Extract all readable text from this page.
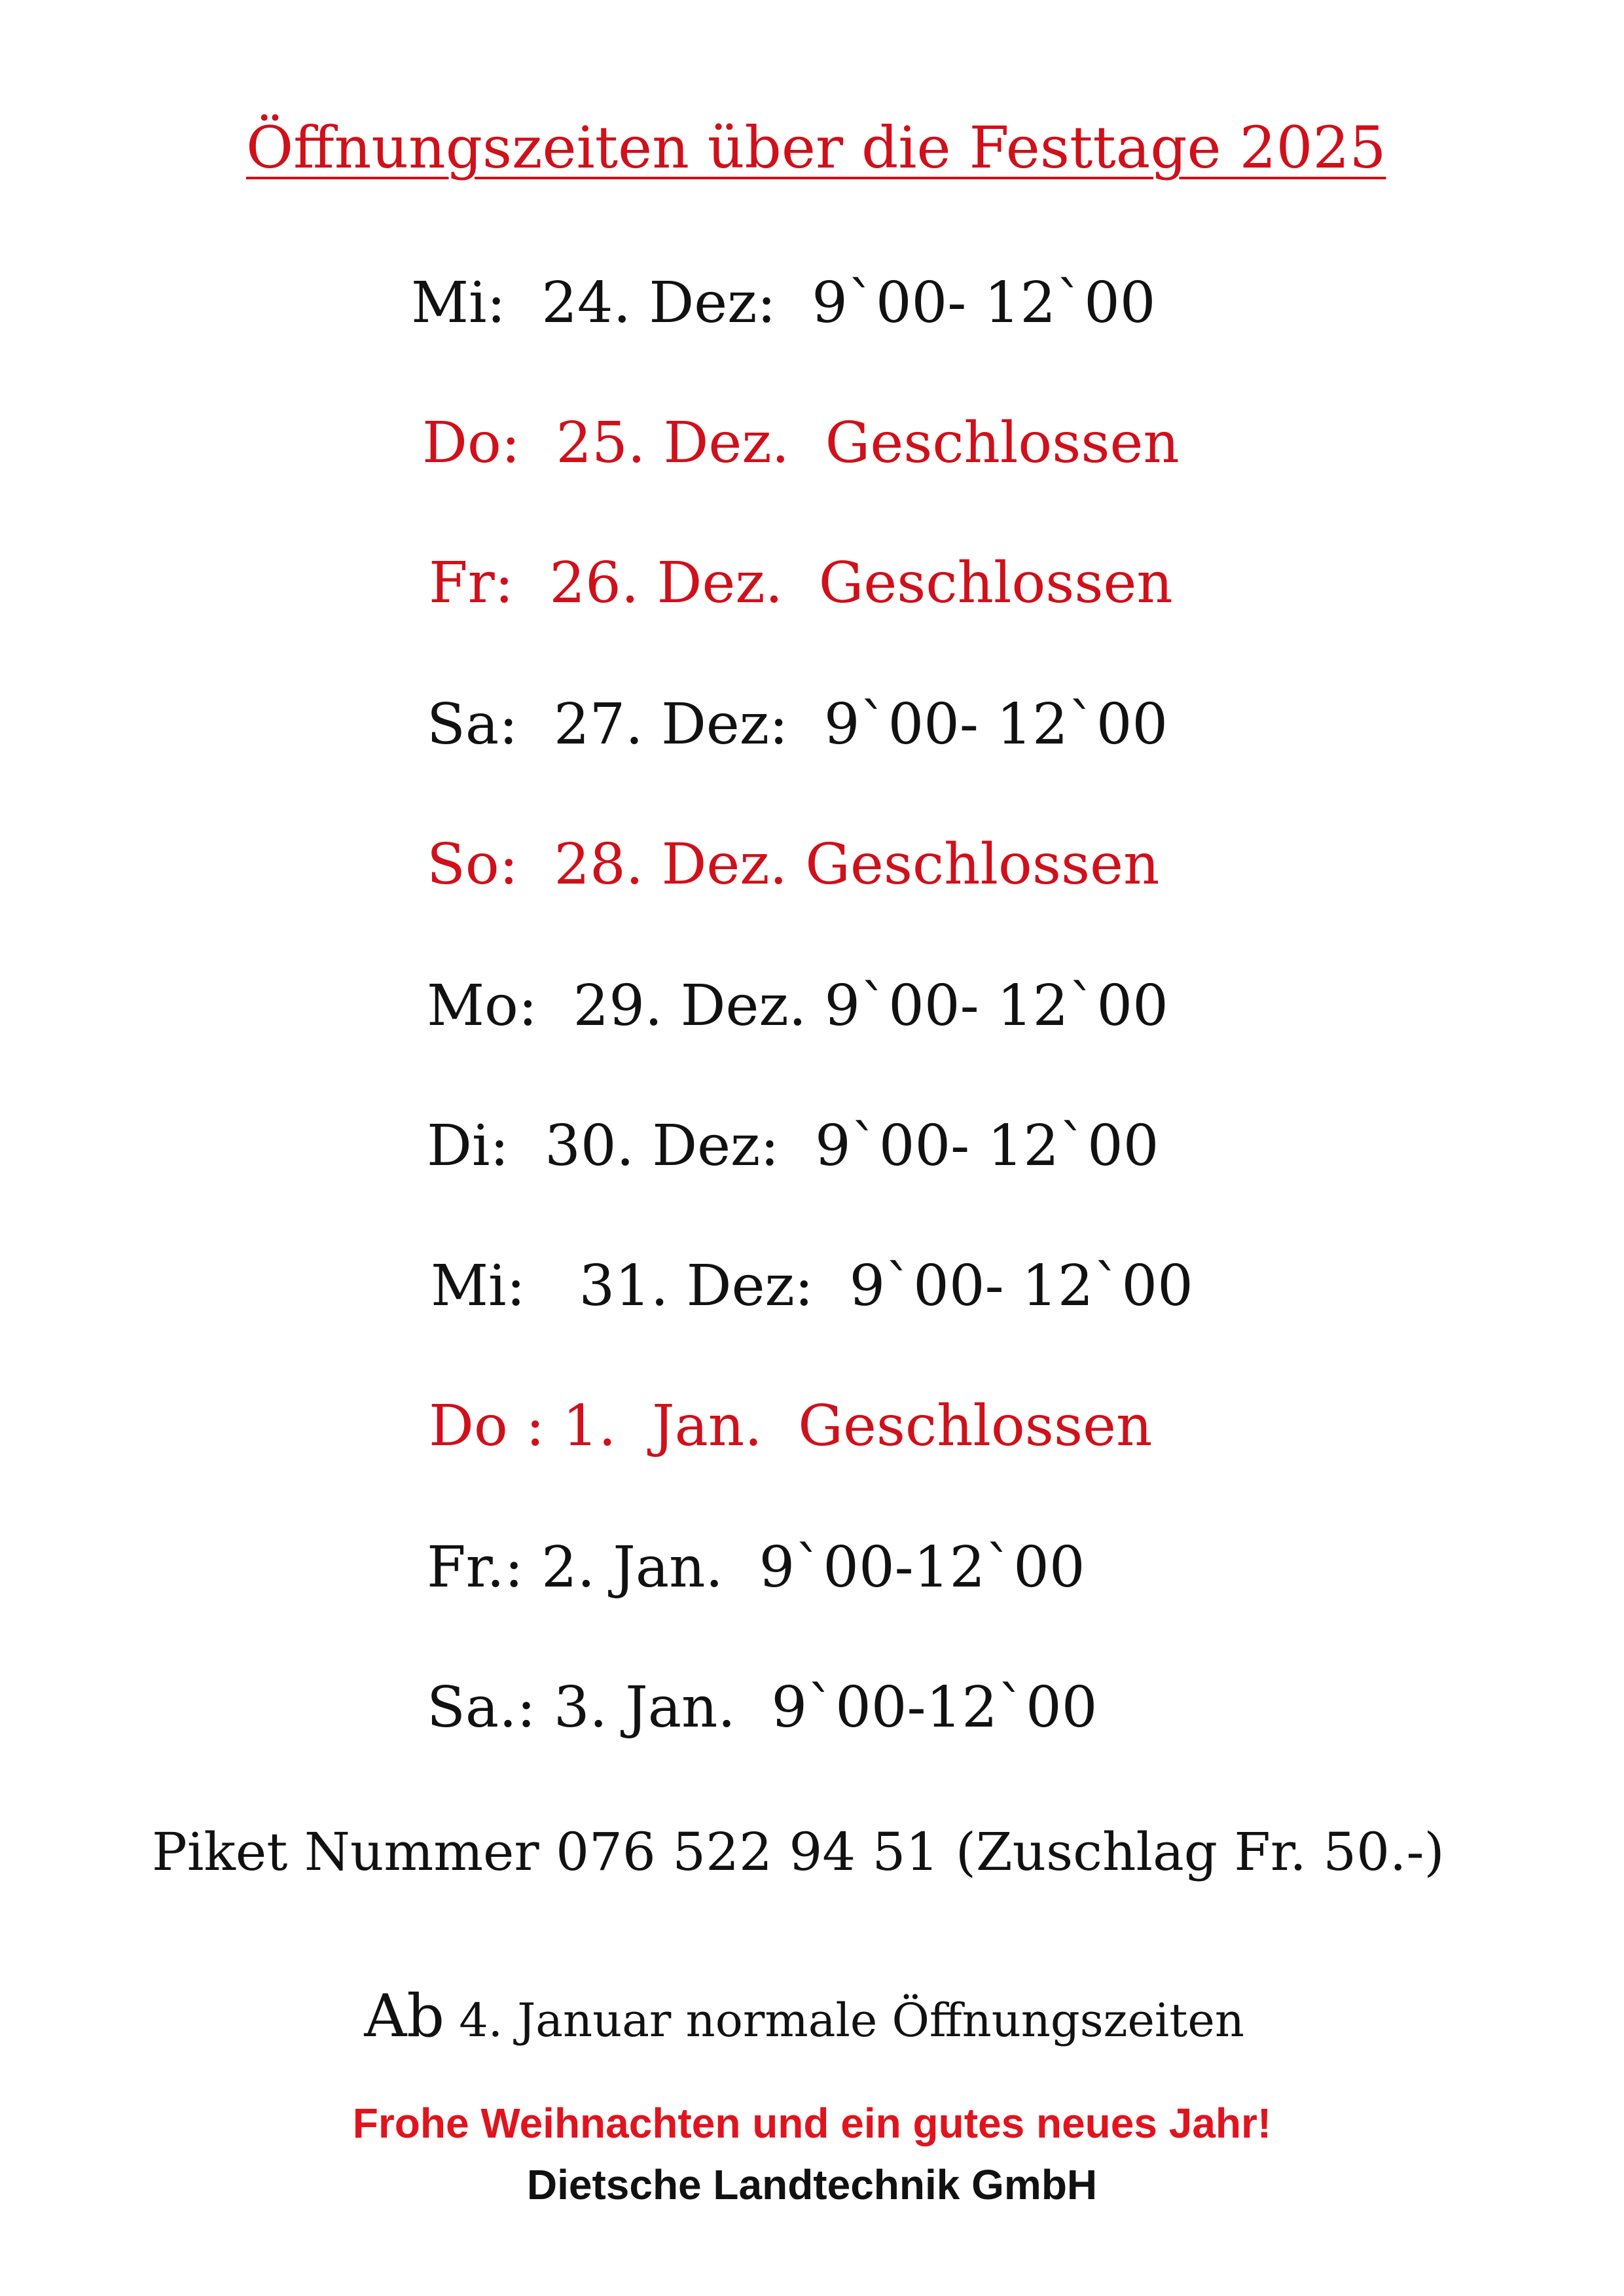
Öffnungszeiten über die Festtage 2025
Mi:  24. Dez:  9`00- 12`00
Do:  25. Dez.  Geschlossen
Fr:  26. Dez.  Geschlossen
Sa:  27. Dez:  9`00- 12`00
So:  28. Dez. Geschlossen
Mo:  29. Dez. 9`00- 12`00
Di:  30. Dez:  9`00- 12`00
Mi:   31. Dez:  9`00- 12`00
Do : 1.  Jan.  Geschlossen
Fr.: 2. Jan.  9`00-12`00
Sa.: 3. Jan.  9`00-12`00
Piket Nummer 076 522 94 51 (Zuschlag Fr. 50.-)

Ab 4. Januar normale Öffnungszeiten

Frohe Weihnachten und ein gutes neues Jahr!
Dietsche Landtechnik GmbH
